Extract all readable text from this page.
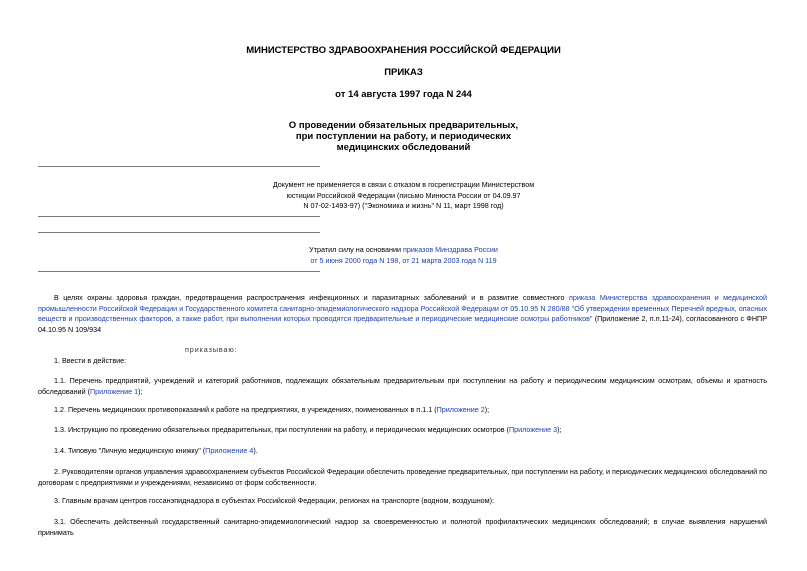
МИНИСТЕРСТВО ЗДРАВООХРАНЕНИЯ РОССИЙСКОЙ ФЕДЕРАЦИИ
ПРИКАЗ
от 14 августа 1997 года N 244
О проведении обязательных предварительных,
при поступлении на работу, и периодических
медицинских обследований
Документ не применяется в связи с отказом в госрегистрации Министерством
юстиции Российской Федерации (письмо Минюста России от 04.09.97
N 07-02-1493-97) ("Экономика и жизнь" N 11, март 1998 год)
Утратил силу на основании приказов Минздрава России
от 5 июня 2000 года N 198, от 21 марта 2003 года N 119
В целях охраны здоровья граждан, предотвращения распространения инфекционных и паразитарных заболеваний и в развитие совместного приказа Министерства здравоохранения и медицинской промышленности Российской Федерации и Государственного комитета санитарно-эпидемиологического надзора Российской Федерации от 05.10.95 N 280/88 "Об утверждении временных Перечней вредных, опасных веществ и производственных факторов, а также работ, при выполнении которых проводятся предварительные и периодические медицинские осмотры работников" (Приложение 2, п.п.11-24), согласованного с ФНПР 04.10.95 N 109/934
приказываю:
1. Ввести в действие:
1.1. Перечень предприятий, учреждений и категорий работников, подлежащих обязательным предварительным при поступлении на работу и периодическим медицинским осмотрам, объемы и кратность обследований (Приложение 1);
1.2. Перечень медицинских противопоказаний к работе на предприятиях, в учреждениях, поименованных в п.1.1 (Приложение 2);
1.3. Инструкцию по проведению обязательных предварительных, при поступлении на работу, и периодических медицинских осмотров (Приложение 3);
1.4. Типовую "Личную медицинскую книжку" (Приложение 4).
2. Руководителям органов управления здравоохранением субъектов Российской Федерации обеспечить проведение предварительных, при поступлении на работу, и периодических медицинских обследований по договорам с предприятиями и учреждениями, независимо от форм собственности.
3. Главным врачам центров госсанэпиднадзора в субъектах Российской Федерации, регионах на транспорте (водном, воздушном):
3.1. Обеспечить действенный государственный санитарно-эпидемиологический надзор за своевременностью и полнотой профилактических медицинских обследований; в случае выявления нарушений принимать
